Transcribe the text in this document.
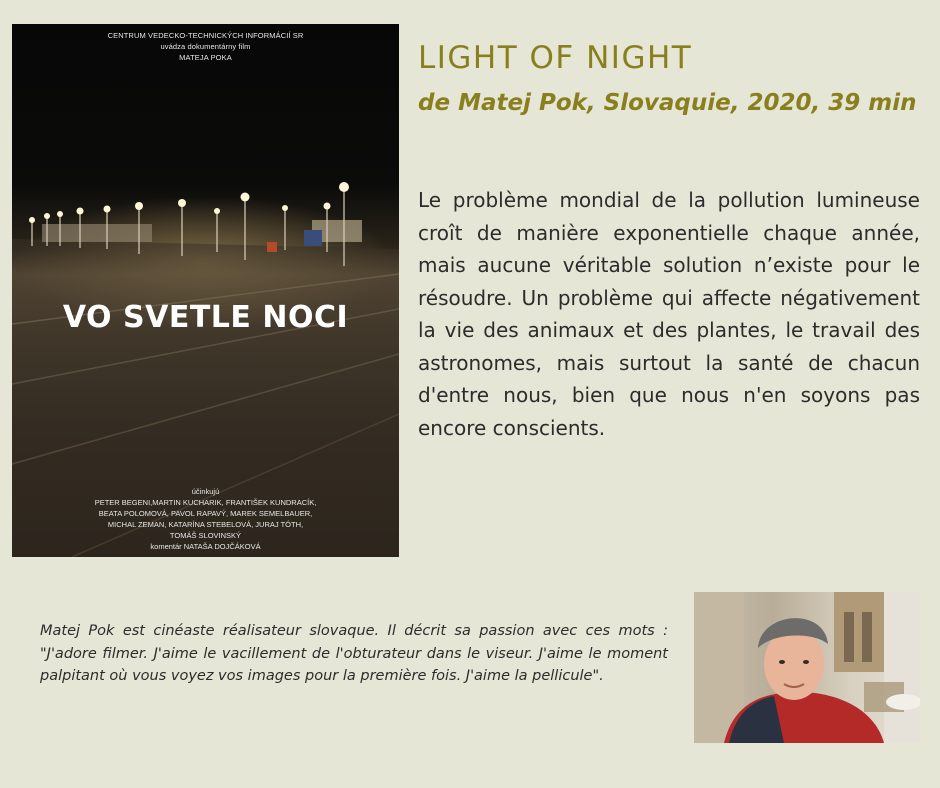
CENTRUM VEDECKO-TECHNICKÝCH INFORMÁCIÍ SR
uvádza dokumentárny film
MATEJA POKA
VO SVETLE NOCI
účinkujú
PETER BEGENI,MARTIN KUCHARIK, FRANTIŠEK KUNDRACÍK,
BEATA POLOMOVÁ, PAVOL RAPAVÝ, MAREK SEMELBAUER,
MICHAL ZEMAN, KATARÍNA STEBELOVÁ, JURAJ TÓTH,
TOMÁŠ SLOVINSKÝ
komentár NATAŠA DOJČÁKOVÁ
LIGHT OF NIGHT
de Matej Pok, Slovaquie, 2020, 39 min

Le problème mondial de la pollution lumineuse croît de manière exponentielle chaque année, mais aucune véritable solution n’existe pour le résoudre. Un problème qui affecte négativement la vie des animaux et des plantes, le travail des astronomes, mais surtout la santé de chacun d'entre nous, bien que nous n'en soyons pas encore conscients.

Matej Pok est cinéaste réalisateur slovaque. Il décrit sa passion avec ces mots : "J'adore filmer. J'aime le vacillement de l'obturateur dans le viseur. J'aime le moment palpitant où vous voyez vos images pour la première fois. J'aime la pellicule".
